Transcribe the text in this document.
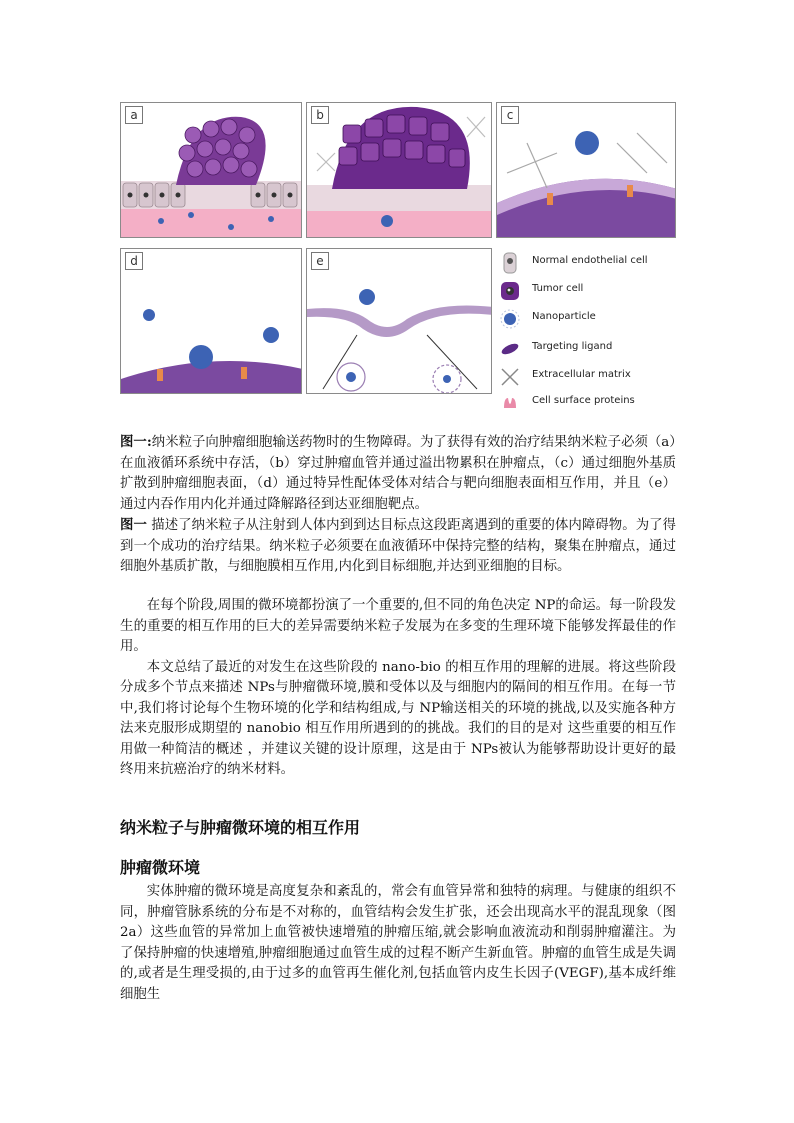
a	b	c
d	e	Normal endothelial cell
Tumor cell
Nanoparticle
Targeting ligand
Extracellular matrix
Cell surface proteins

图一:纳米粒子向肿瘤细胞输送药物时的生物障碍。为了获得有效的治疗结果纳米粒子必须（a）在血液循环系统中存活，（b）穿过肿瘤血管并通过溢出物累积在肿瘤点，（c）通过细胞外基质扩散到肿瘤细胞表面，（d）通过特异性配体受体对结合与靶向细胞表面相互作用，并且（e）通过内吞作用内化并通过降解路径到达亚细胞靶点。

图一 描述了纳米粒子从注射到人体内到到达目标点这段距离遇到的重要的体内障碍物。为了得到一个成功的治疗结果。纳米粒子必须要在血液循环中保持完整的结构，聚集在肿瘤点，通过细胞外基质扩散，与细胞膜相互作用,内化到目标细胞,并达到亚细胞的目标。

在每个阶段,周围的微环境都扮演了一个重要的,但不同的角色决定 NP的命运。每一阶段发生的重要的相互作用的巨大的差异需要纳米粒子发展为在多变的生理环境下能够发挥最佳的作用。

本文总结了最近的对发生在这些阶段的 nano-bio 的相互作用的理解的进展。将这些阶段分成多个节点来描述 NPs与肿瘤微环境,膜和受体以及与细胞内的隔间的相互作用。在每一节中,我们将讨论每个生物环境的化学和结构组成,与 NP输送相关的环境的挑战,以及实施各种方法来克服形成期望的 nanobio 相互作用所遇到的的挑战。我们的目的是对 这些重要的相互作用做一种简洁的概述 ，并建议关键的设计原理，这是由于 NPs被认为能够帮助设计更好的最终用来抗癌治疗的纳米材料。

纳米粒子与肿瘤微环境的相互作用
肿瘤微环境

实体肿瘤的微环境是高度复杂和紊乱的，常会有血管异常和独特的病理。与健康的组织不同，肿瘤管脉系统的分布是不对称的，血管结构会发生扩张，还会出现高水平的混乱现象（图 2a）这些血管的异常加上血管被快速增殖的肿瘤压缩,就会影响血液流动和削弱肿瘤灌注。为了保持肿瘤的快速增殖,肿瘤细胞通过血管生成的过程不断产生新血管。肿瘤的血管生成是失调的,或者是生理受损的,由于过多的血管再生催化剂,包括血管内皮生长因子(VEGF),基本成纤维细胞生
